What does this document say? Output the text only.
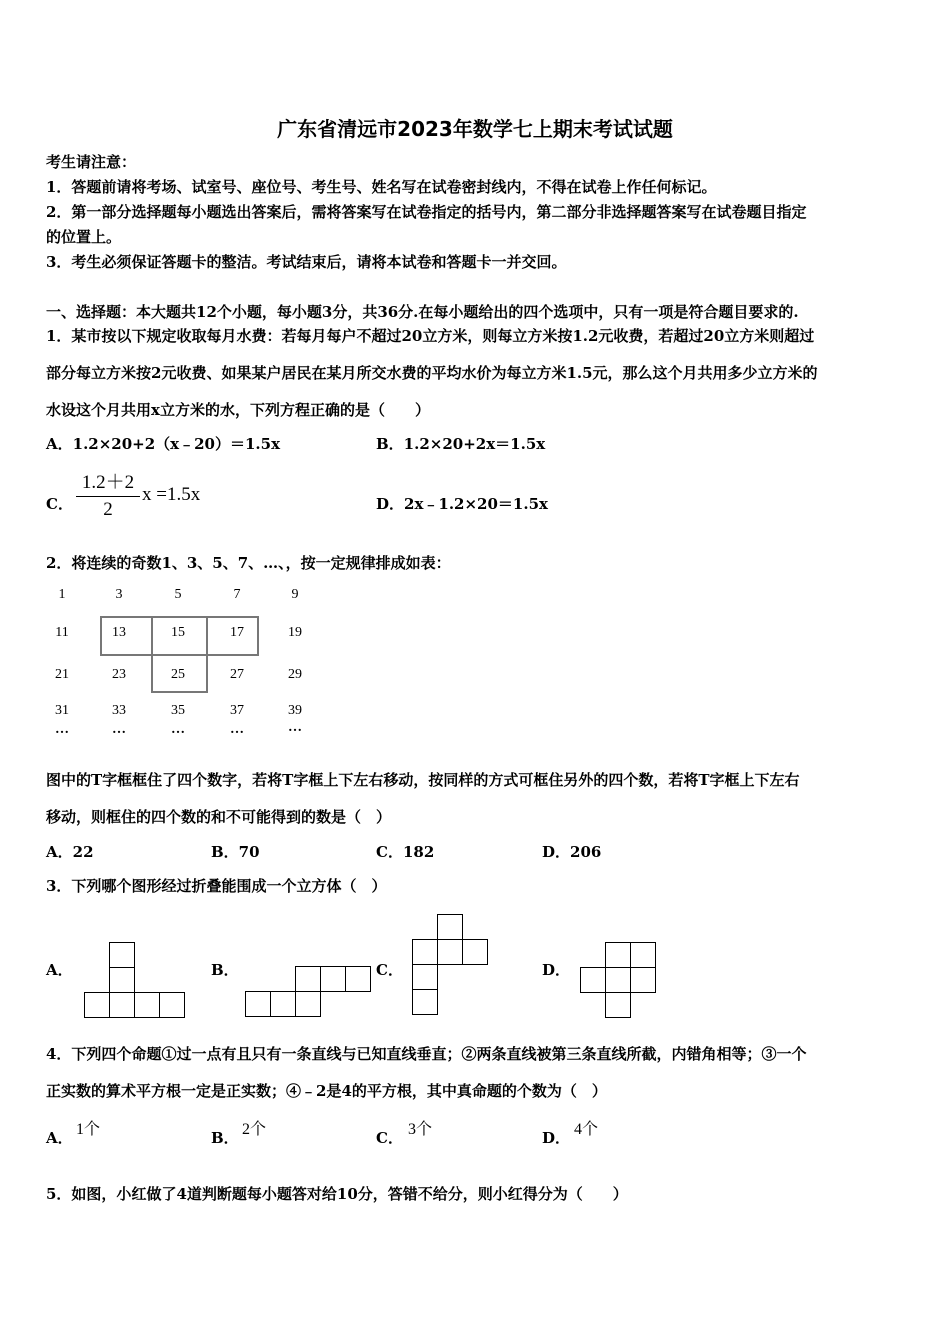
广东省清远市2023年数学七上期末考试试题
考生请注意：
1．答题前请将考场、试室号、座位号、考生号、姓名写在试卷密封线内，不得在试卷上作任何标记。
2．第一部分选择题每小题选出答案后，需将答案写在试卷指定的括号内，第二部分非选择题答案写在试卷题目指定
的位置上。
3．考生必须保证答题卡的整洁。考试结束后，请将本试卷和答题卡一并交回。
一、选择题：本大题共12个小题，每小题3分，共36分.在每小题给出的四个选项中，只有一项是符合题目要求的.
1．某市按以下规定收取每月水费：若每月每户不超过20立方米，则每立方米按1.2元收费，若超过20立方米则超过
部分每立方米按2元收费、如果某户居民在某月所交水费的平均水价为每立方米1.5元，那么这个月共用多少立方米的
水设这个月共用x立方米的水，下列方程正确的是（　　）
A．1.2×20+2（x﹣20）＝1.5x	B．1.2×20+2x＝1.5x
C． $\frac{1.2+2}{2}$ x =1.5x	D．2x﹣1.2×20＝1.5x
2．将连续的奇数1、3、5、7、…、，按一定规律排成如表：
1	3	5	7	9
11	13	15	17	19
21	23	25	27	29
31	33	35	37	39
…	…	…	…	…
图中的T字框框住了四个数字，若将T字框上下左右移动，按同样的方式可框住另外的四个数，若将T字框上下左右
移动，则框住的四个数的和不可能得到的数是（　）
A．22	B．70	C．182	D．206
3．下列哪个图形经过折叠能围成一个立方体（　）
A．	B．	C．	D．
4．下列四个命题①过一点有且只有一条直线与已知直线垂直；②两条直线被第三条直线所截，内错角相等；③一个
正实数的算术平方根一定是正实数；④﹣2是4的平方根，其中真命题的个数为（　）
A． 1个	B． 2个	C． 3个	D． 4个
5．如图，小红做了4道判断题每小题答对给10分，答错不给分，则小红得分为（　　）
